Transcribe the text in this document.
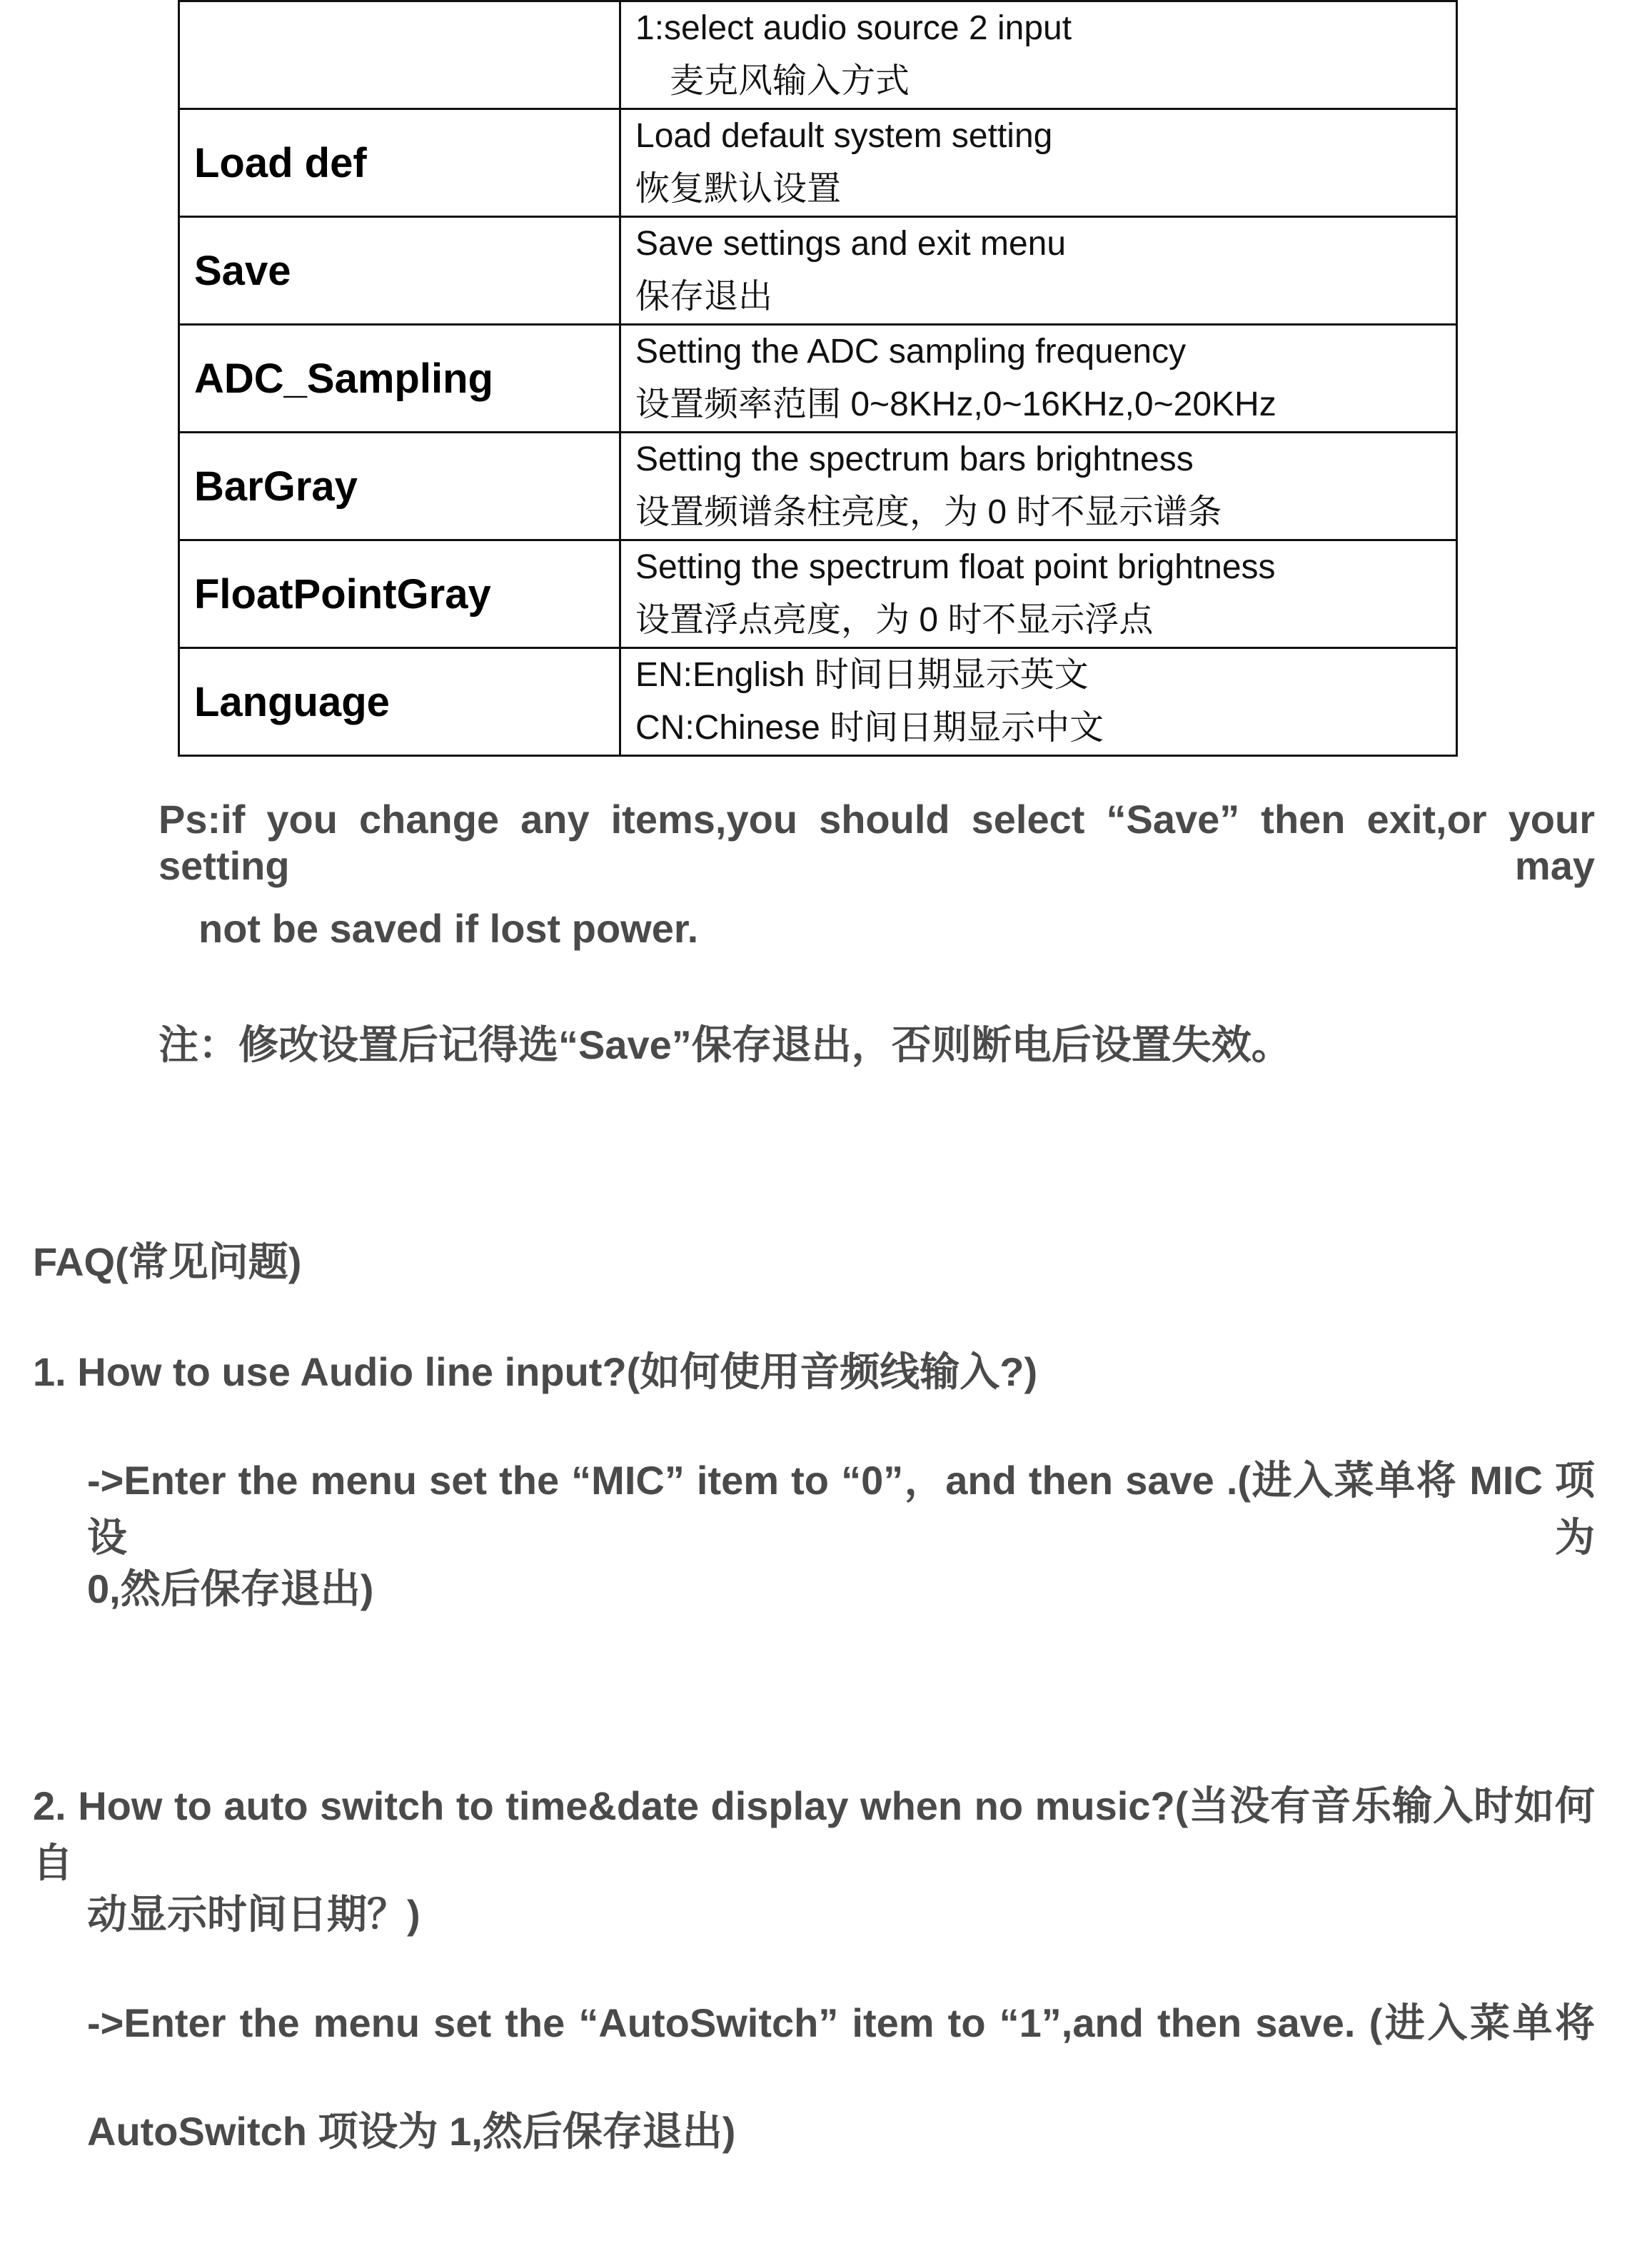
	1:select audio source 2 input
麦克风输入方式

Load def	Load default system setting
恢复默认设置

Save	Save settings and exit menu
保存退出

ADC_Sampling	Setting the ADC sampling frequency
设置频率范围 0~8KHz,0~16KHz,0~20KHz

BarGray	Setting the spectrum bars brightness
设置频谱条柱亮度，为 0 时不显示谱条

FloatPointGray	Setting the spectrum float point brightness
设置浮点亮度，为 0 时不显示浮点

Language	EN:English 时间日期显示英文
CN:Chinese 时间日期显示中文
Ps:if you change any items,you should select “Save” then exit,or your setting may
not be saved if lost power.
注：修改设置后记得选“Save”保存退出，否则断电后设置失效。
FAQ(常见问题)
1. How to use Audio line input?(如何使用音频线输入?)
->Enter the menu set the “MIC” item to “0”，and then save .(进入菜单将 MIC 项设为
0,然后保存退出)
2. How to auto switch to time&date display when no music?(当没有音乐输入时如何自
动显示时间日期？)
->Enter the menu set the “AutoSwitch” item to “1”,and then save. (进入菜单将
AutoSwitch 项设为 1,然后保存退出)
